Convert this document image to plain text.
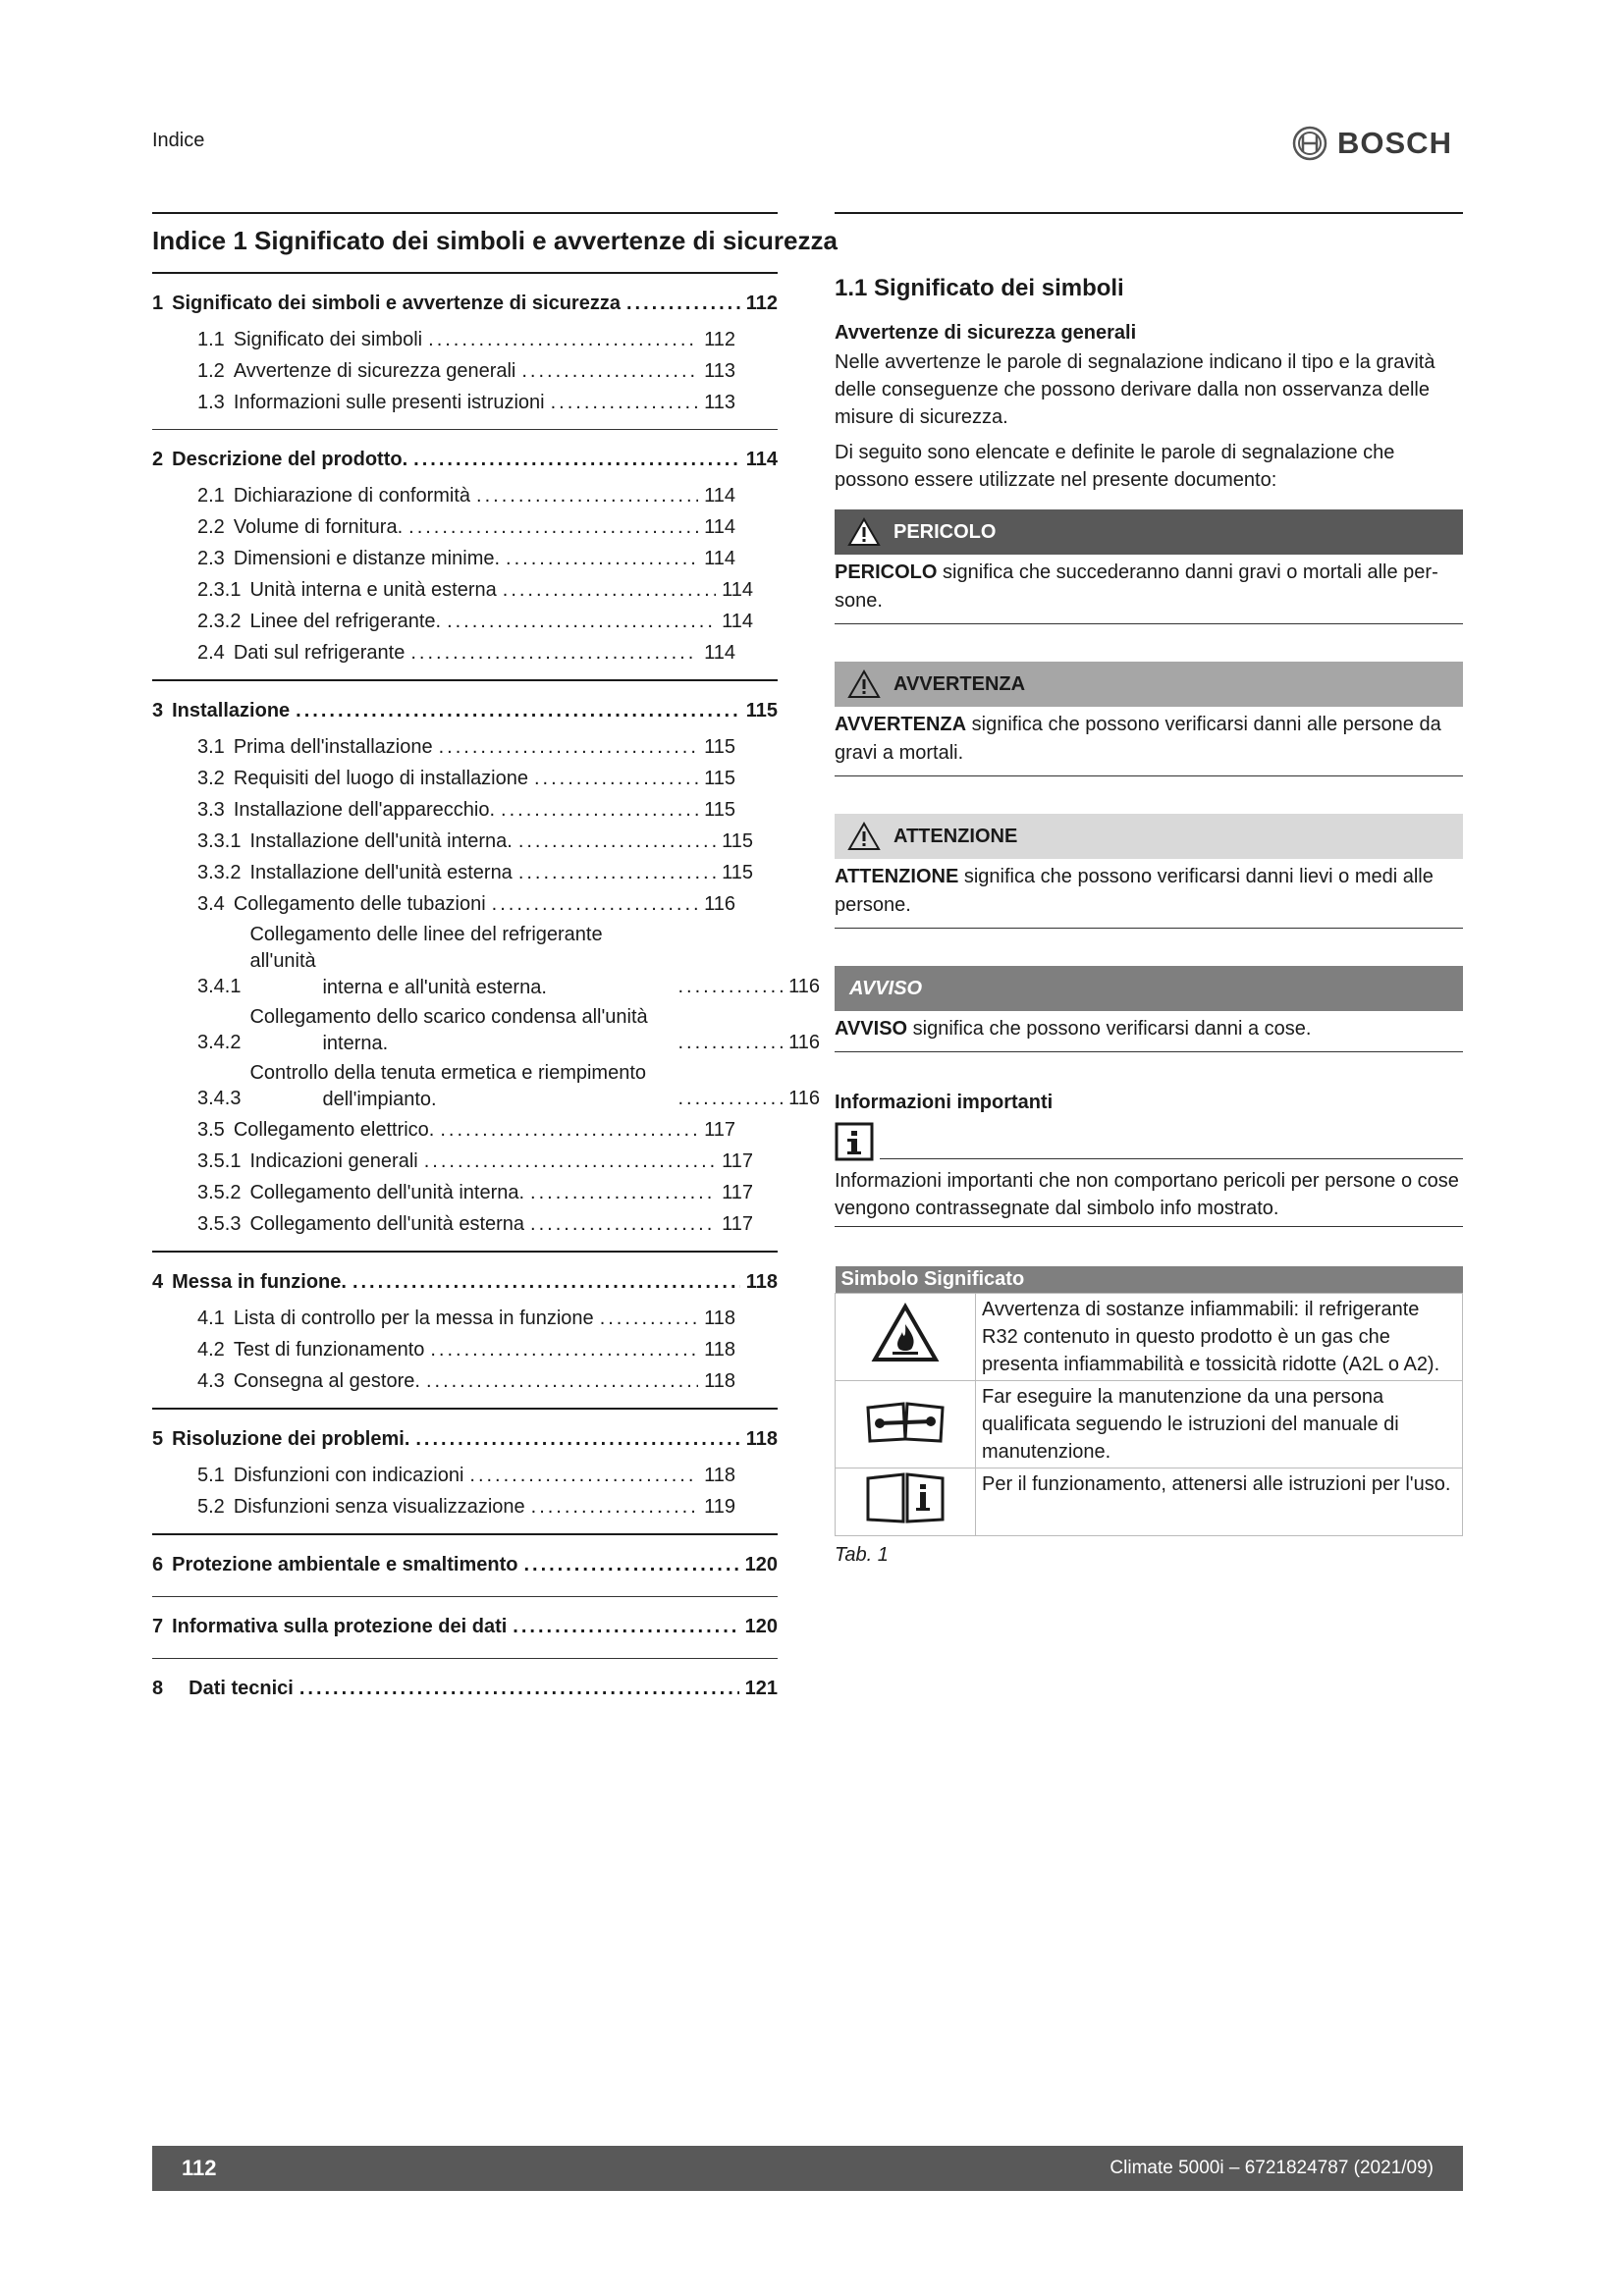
Indice	BOSCH
Indice 1 Significato dei simboli e avvertenze di sicurezza
1 Significato dei simboli e avvertenze di sicurezza .....	112
1.1 Significato dei simboli .....	112
1.2 Avvertenze di sicurezza generali .....	113
1.3 Informazioni sulle presenti istruzioni .....	113
2 Descrizione del prodotto. .....	114
2.1 Dichiarazione di conformità .....	114
2.2 Volume di fornitura. .....	114
2.3 Dimensioni e distanze minime. .....	114
2.3.1 Unità interna e unità esterna .....	114
2.3.2 Linee del refrigerante. .....	114
2.4 Dati sul refrigerante .....	114
3 Installazione .....	115
3.1 Prima dell'installazione .....	115
3.2 Requisiti del luogo di installazione .....	115
3.3 Installazione dell'apparecchio. .....	115
3.3.1 Installazione dell'unità interna. .....	115
3.3.2 Installazione dell'unità esterna .....	115
3.4 Collegamento delle tubazioni .....	116
3.4.1
Collegamento delle linee del refrigerante all'unità
interna e all'unità esterna. .....	116
3.4.2
Collegamento dello scarico condensa all'unità
interna. .....	116
3.4.3
Controllo della tenuta ermetica e riempimento
dell'impianto. .....	116
3.5 Collegamento elettrico. .....	117
3.5.1 Indicazioni generali .....	117
3.5.2 Collegamento dell'unità interna. .....	117
3.5.3 Collegamento dell'unità esterna .....	117
4 Messa in funzione. .....	118
4.1 Lista di controllo per la messa in funzione .....	118
4.2 Test di funzionamento .....	118
4.3 Consegna al gestore. .....	118
5 Risoluzione dei problemi. .....	118
5.1 Disfunzioni con indicazioni .....	118
5.2 Disfunzioni senza visualizzazione .....	119
6 Protezione ambientale e smaltimento .....	120
7 Informativa sulla protezione dei dati .....	120
8 Dati tecnici .....	121
1.1 Significato dei simboli
Avvertenze di sicurezza generali
Nelle avvertenze le parole di segnalazione indicano il tipo e la gravità delle conseguenze che possono derivare dalla non osservanza delle misure di sicurezza.
Di seguito sono elencate e definite le parole di segnalazione che possono essere utilizzate nel presente documento:
PERICOLO
PERICOLO significa che succederanno danni gravi o mortali alle per-sone.
AVVERTENZA
AVVERTENZA significa che possono verificarsi danni alle persone da gravi a mortali.
ATTENZIONE
ATTENZIONE significa che possono verificarsi danni lievi o medi alle persone.
AVVISO
AVVISO significa che possono verificarsi danni a cose.
Informazioni importanti
Informazioni importanti che non comportano pericoli per persone o cose vengono contrassegnate dal simbolo info mostrato.
Simbolo Significato	
	Avvertenza di sostanze infiammabili: il refrigerante R32 contenuto in questo prodotto è un gas che presenta infiammabilità e tossicità ridotte (A2L o A2).
	Far eseguire la manutenzione da una persona qualificata seguendo le istruzioni del manuale di manutenzione.
	Per il funzionamento, attenersi alle istruzioni per l'uso.
Tab. 1
112	Climate 5000i – 6721824787 (2021/09)
